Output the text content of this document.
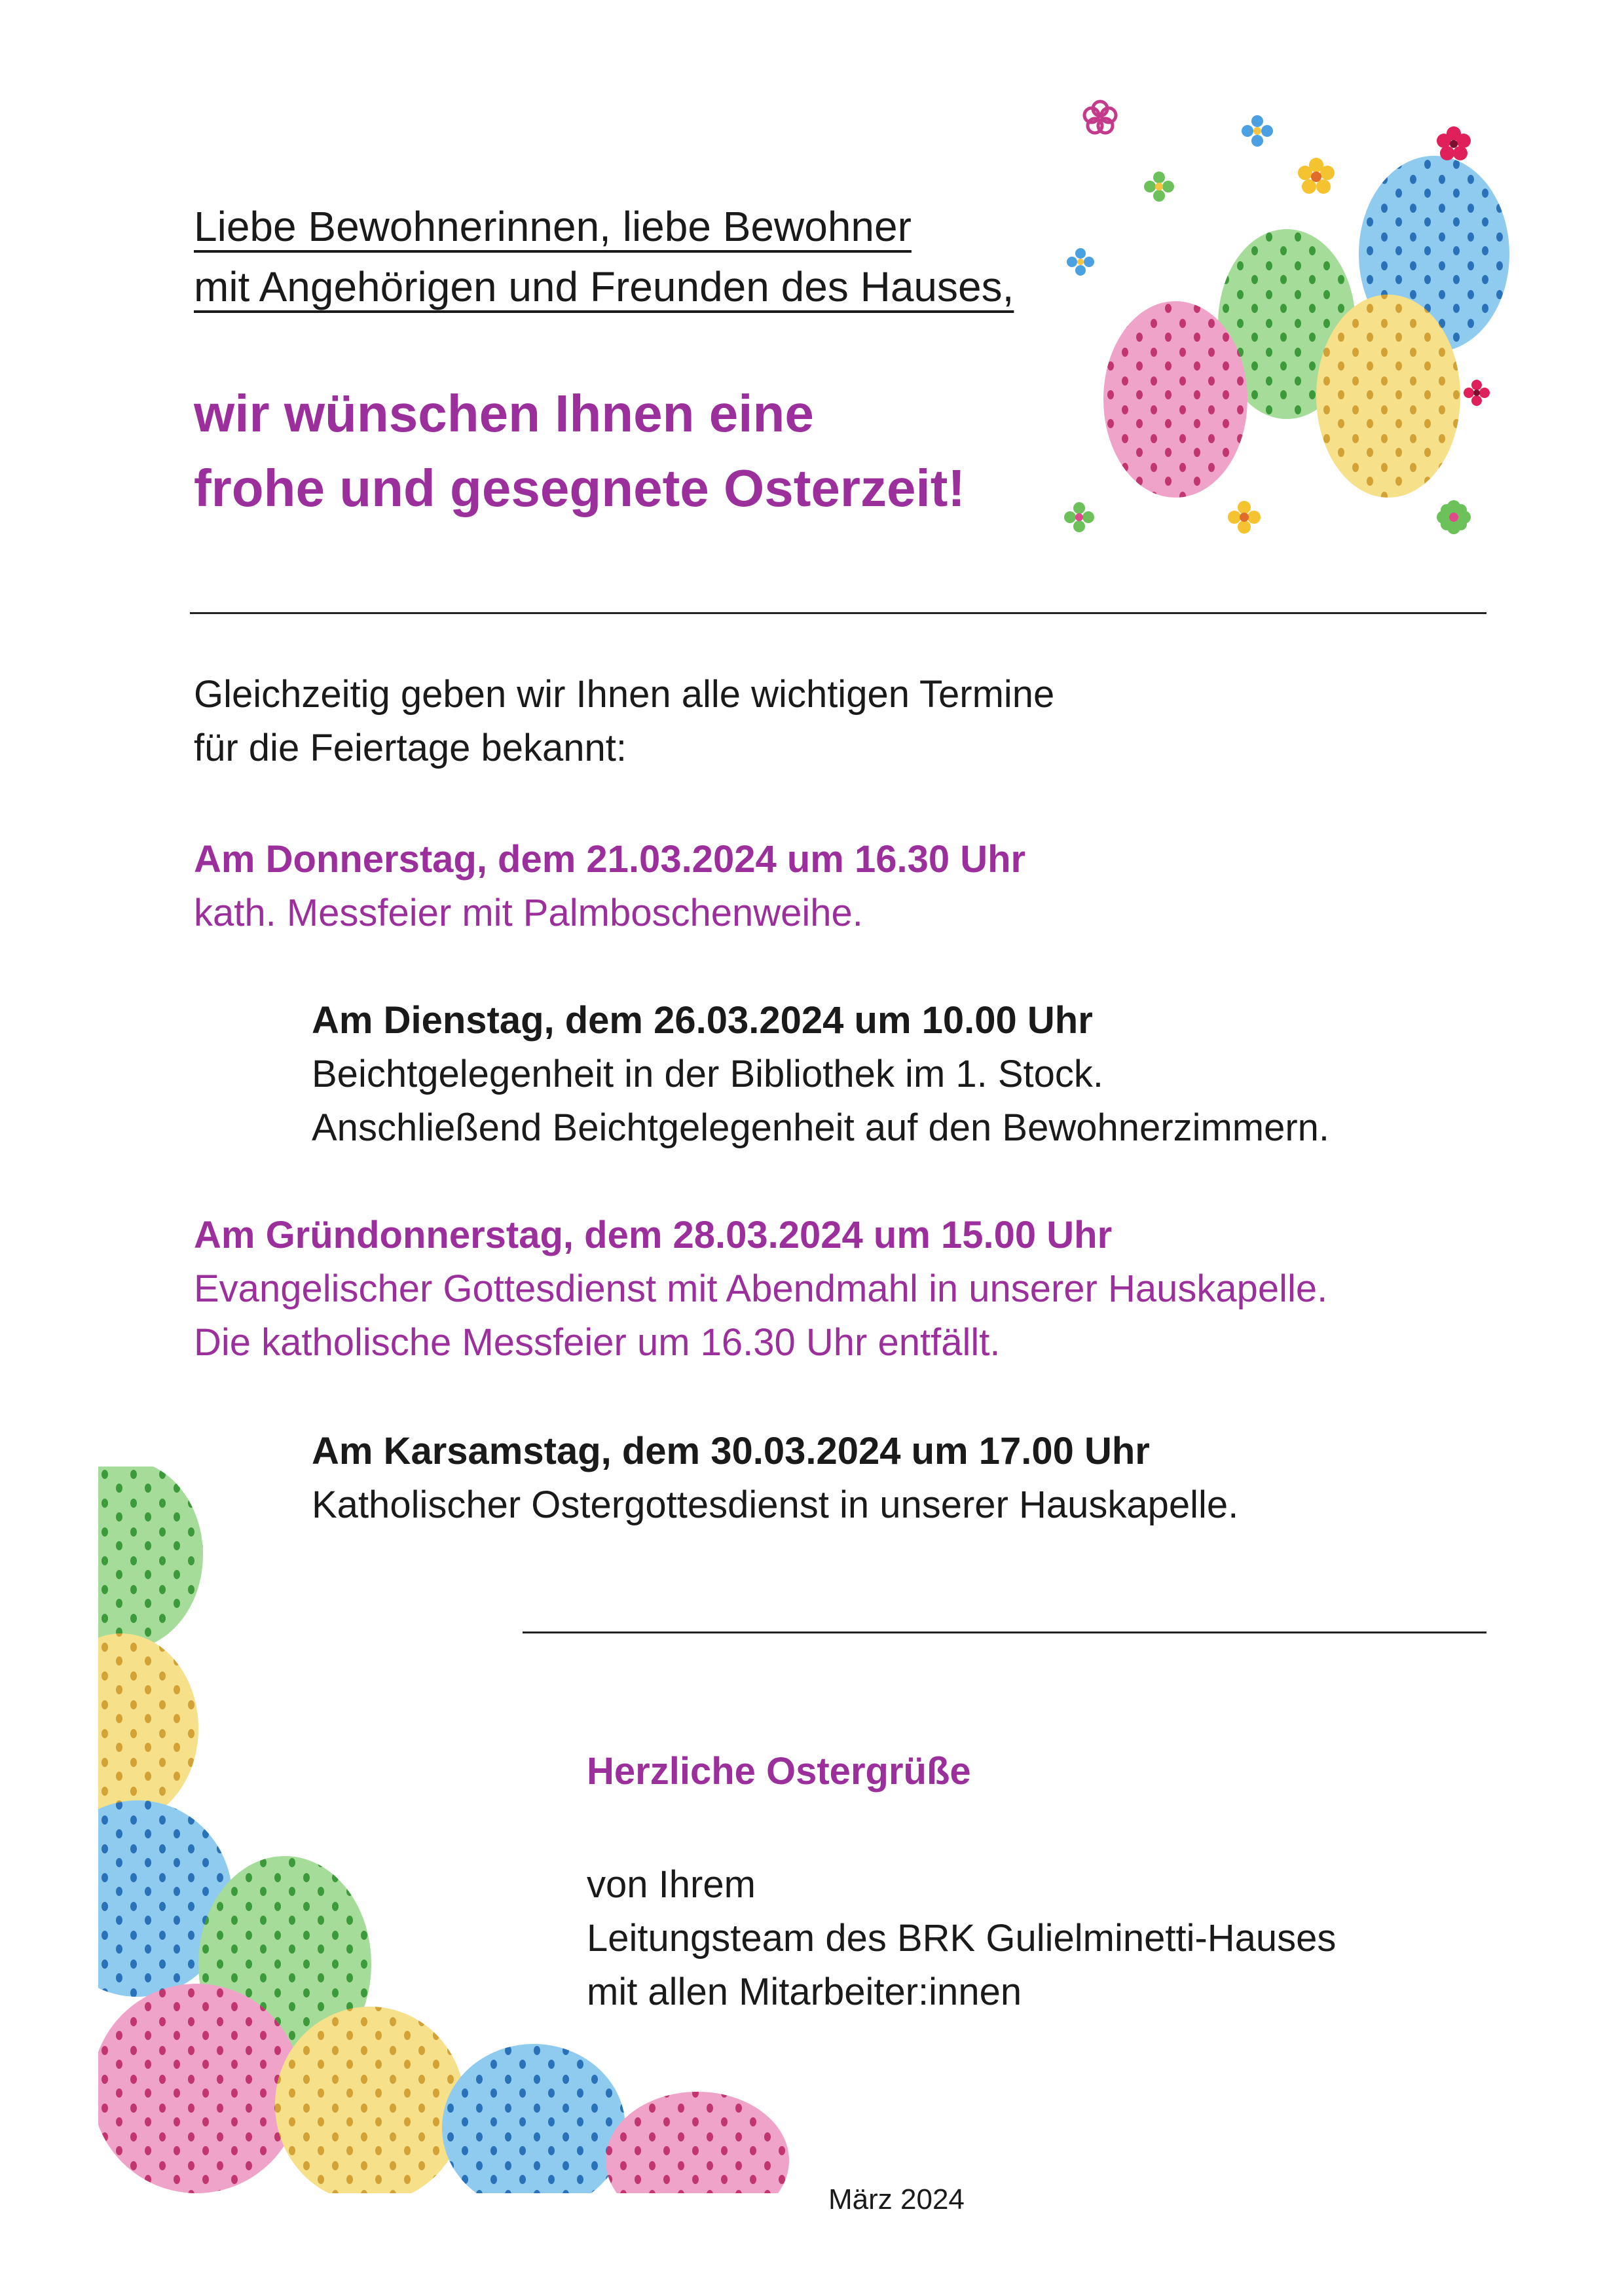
Liebe Bewohnerinnen, liebe Bewohner
mit Angehörigen und Freunden des Hauses,
wir wünschen Ihnen eine
frohe und gesegnete Osterzeit!
Gleichzeitig geben wir Ihnen alle wichtigen Termine
für die Feiertage bekannt:
Am Donnerstag, dem 21.03.2024 um 16.30 Uhr
kath. Messfeier mit Palmboschenweihe.
Am Dienstag, dem 26.03.2024 um 10.00 Uhr
Beichtgelegenheit in der Bibliothek im 1. Stock.
Anschließend Beichtgelegenheit auf den Bewohnerzimmern.
Am Gründonnerstag, dem 28.03.2024 um 15.00 Uhr
Evangelischer Gottesdienst mit Abendmahl in unserer Hauskapelle.
Die katholische Messfeier um 16.30 Uhr entfällt.
Am Karsamstag, dem 30.03.2024 um 17.00 Uhr
Katholischer Ostergottesdienst in unserer Hauskapelle.
Herzliche Ostergrüße
von Ihrem
Leitungsteam des BRK Gulielminetti-Hauses
mit allen Mitarbeiter:innen
März 2024
